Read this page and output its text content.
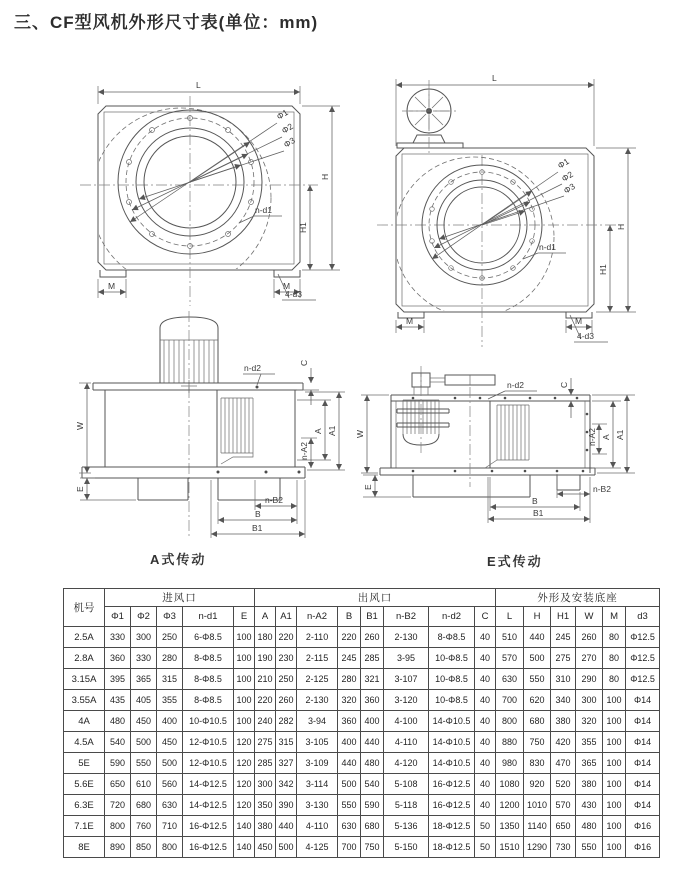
三、CF型风机外形尺寸表(单位：mm)
Φ1
Φ2
Φ3
n-d1
L
H
H1
M	M
4-d3
Φ1
Φ2
Φ3
n-d1
L
H
H1
M	M
4-d3
W
E
n-d2
C
A A1
n-A2
n-B2
B
B1
W
E
n-d2	C
n-A2 A A1
n-B2
B
B1
A式传动	E式传动
机号	进风口					出风口								外形及安装底座					
	Φ1	Φ2	Φ3	n-d1	E	A	A1	n-A2	B	B1	n-B2	n-d2	C	L	H	H1	W	M	d3
2.5A	330	300	250	6-Φ8.5	100	180	220	2-110	220	260	2-130	8-Φ8.5	40	510	440	245	260	80	Φ12.5
2.8A	360	330	280	8-Φ8.5	100	190	230	2-115	245	285	3-95	10-Φ8.5	40	570	500	275	270	80	Φ12.5
3.15A	395	365	315	8-Φ8.5	100	210	250	2-125	280	321	3-107	10-Φ8.5	40	630	550	310	290	80	Φ12.5
3.55A	435	405	355	8-Φ8.5	100	220	260	2-130	320	360	3-120	10-Φ8.5	40	700	620	340	300	100	Φ14
4A	480	450	400	10-Φ10.5	100	240	282	3-94	360	400	4-100	14-Φ10.5	40	800	680	380	320	100	Φ14
4.5A	540	500	450	12-Φ10.5	120	275	315	3-105	400	440	4-110	14-Φ10.5	40	880	750	420	355	100	Φ14
5E	590	550	500	12-Φ10.5	120	285	327	3-109	440	480	4-120	14-Φ10.5	40	980	830	470	365	100	Φ14
5.6E	650	610	560	14-Φ12.5	120	300	342	3-114	500	540	5-108	16-Φ12.5	40	1080	920	520	380	100	Φ14
6.3E	720	680	630	14-Φ12.5	120	350	390	3-130	550	590	5-118	16-Φ12.5	40	1200	1010	570	430	100	Φ14
7.1E	800	760	710	16-Φ12.5	140	380	440	4-110	630	680	5-136	18-Φ12.5	50	1350	1140	650	480	100	Φ16
8E	890	850	800	16-Φ12.5	140	450	500	4-125	700	750	5-150	18-Φ12.5	50	1510	1290	730	550	100	Φ16
